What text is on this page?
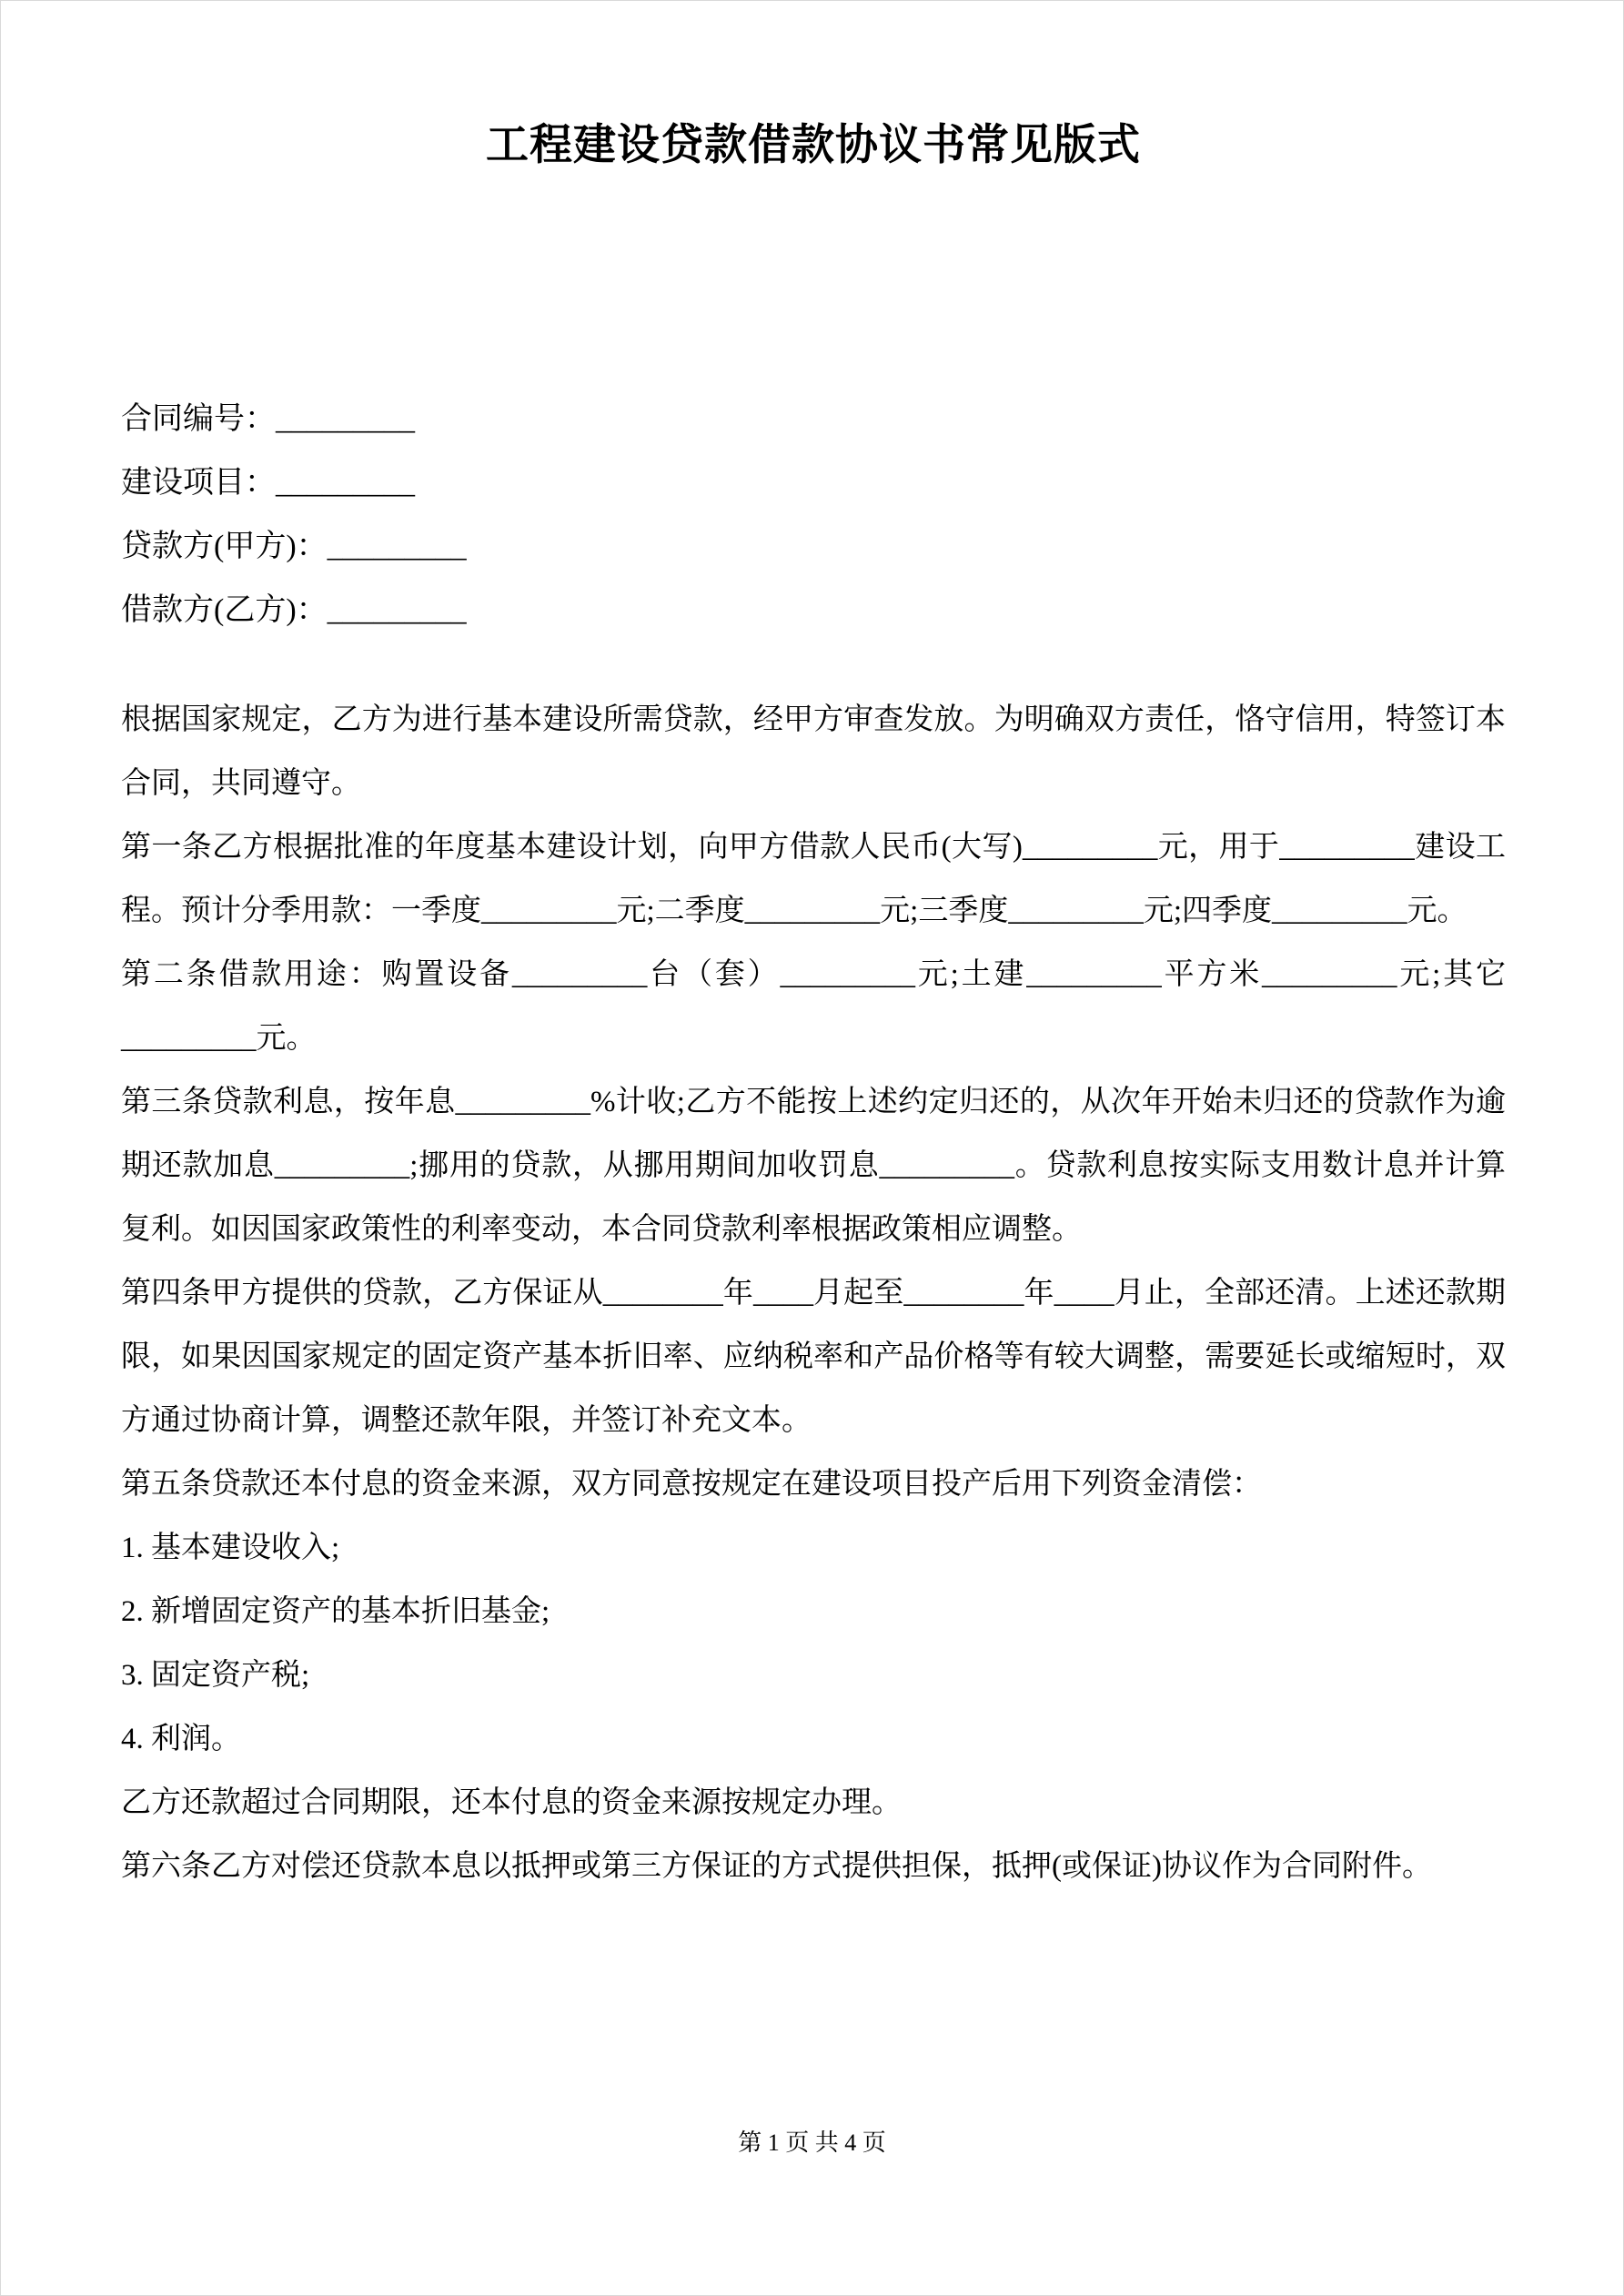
工程建设贷款借款协议书常见版式
合同编号：_________
建设项目：_________
贷款方(甲方)：_________
借款方(乙方)：_________

根据国家规定，乙方为进行基本建设所需贷款，经甲方审查发放。为明确双方责任，恪守信用，特签订本合同，共同遵守。

第一条乙方根据批准的年度基本建设计划，向甲方借款人民币(大写)_________元，用于_________建设工程。预计分季用款：一季度_________元;二季度_________元;三季度_________元;四季度_________元。

第二条借款用途：购置设备_________台（套）_________元;土建_________平方米_________元;其它_________元。

第三条贷款利息，按年息_________%计收;乙方不能按上述约定归还的，从次年开始未归还的贷款作为逾期还款加息_________;挪用的贷款，从挪用期间加收罚息_________。贷款利息按实际支用数计息并计算复利。如因国家政策性的利率变动，本合同贷款利率根据政策相应调整。

第四条甲方提供的贷款，乙方保证从________年____月起至________年____月止，全部还清。上述还款期限，如果因国家规定的固定资产基本折旧率、应纳税率和产品价格等有较大调整，需要延长或缩短时，双方通过协商计算，调整还款年限，并签订补充文本。

第五条贷款还本付息的资金来源，双方同意按规定在建设项目投产后用下列资金清偿：

1. 基本建设收入;

2. 新增固定资产的基本折旧基金;

3. 固定资产税;

4. 利润。

乙方还款超过合同期限，还本付息的资金来源按规定办理。

第六条乙方对偿还贷款本息以抵押或第三方保证的方式提供担保，抵押(或保证)协议作为合同附件。

第 1 页 共 4 页
